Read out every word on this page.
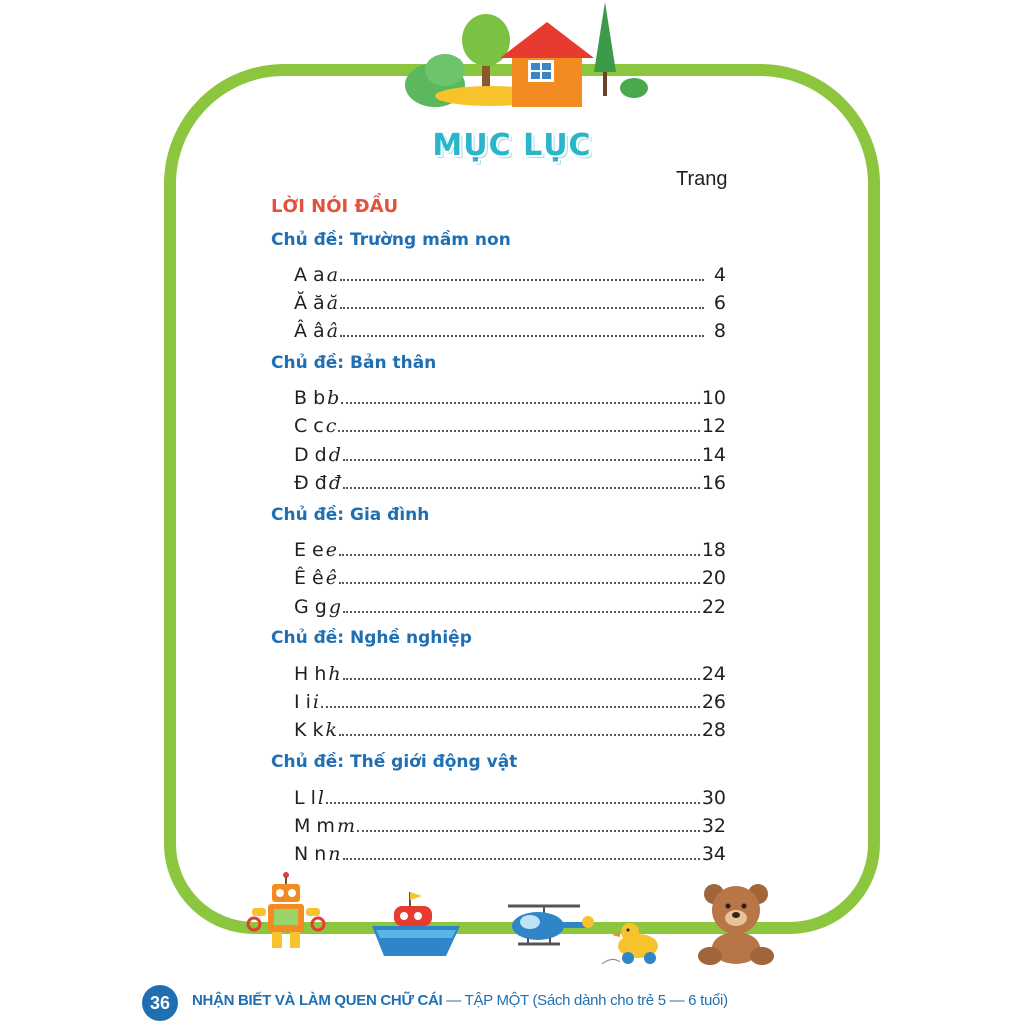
MỤC LỤC
Trang
LỜI NÓI ĐẦU
Chủ đề: Trường mầm non
A a a	4
Ă ă ă	6
Â â â	8
Chủ đề: Bản thân
B b b	10
C c c	12
D d d	14
Đ đ đ	16
Chủ đề: Gia đình
E e e	18
Ê ê ê	20
G g g	22
Chủ đề: Nghề nghiệp
H h h	24
I i i	26
K k k	28
Chủ đề: Thế giới động vật
L l l	30
M m m	32
N n n	34
36	NHẬN BIẾT VÀ LÀM QUEN CHỮ CÁI — TẬP MỘT (Sách dành cho trẻ 5 — 6 tuổi)
